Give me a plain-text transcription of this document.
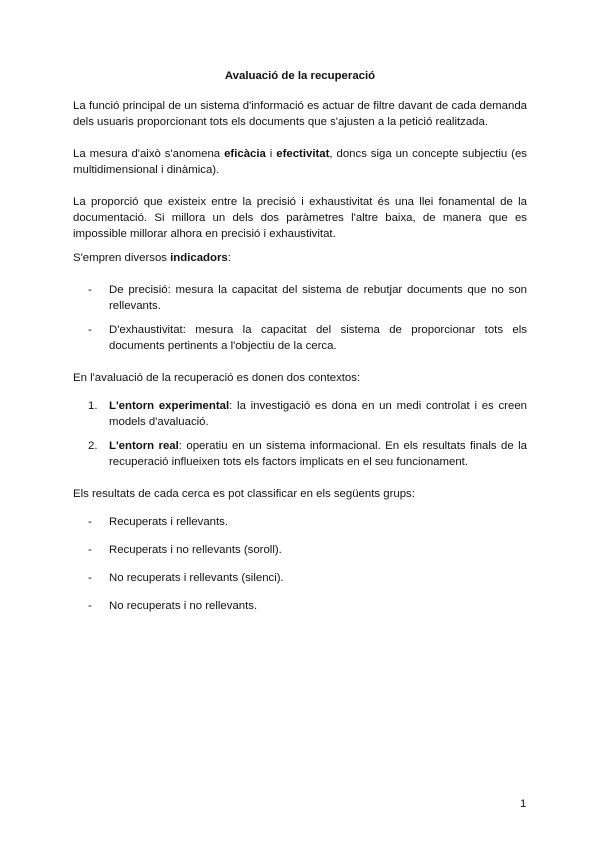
Avaluació de la recuperació

La funció principal de un sistema d'informació es actuar de filtre davant de cada demanda dels usuaris proporcionant tots els documents que s'ajusten a la petició realitzada.

La mesura d'això s'anomena eficàcia i efectivitat, doncs siga un concepte subjectiu (es multidimensional i dinàmica).

La proporció que existeix entre la precisió i exhaustivitat és una llei fonamental de la documentació. Si millora un dels dos paràmetres l'altre baixa, de manera que es impossible millorar alhora en precisió i exhaustivitat.

S'empren diversos indicadors:

- De precisió: mesura la capacitat del sistema de rebutjar documents que no son rellevants.
- D'exhaustivitat: mesura la capacitat del sistema de proporcionar tots els documents pertinents a l'objectiu de la cerca.

En l'avaluació de la recuperació es donen dos contextos:

1. L'entorn experimental: la investigació es dona en un medi controlat i es creen models d'avaluació.
2. L'entorn real: operatiu en un sistema informacional. En els resultats finals de la recuperació influeixen tots els factors implicats en el seu funcionament.

Els resultats de cada cerca es pot classificar en els següents grups:

- Recuperats i rellevants.
- Recuperats i no rellevants (soroll).
- No recuperats i rellevants (silenci).
- No recuperats i no rellevants.
1
